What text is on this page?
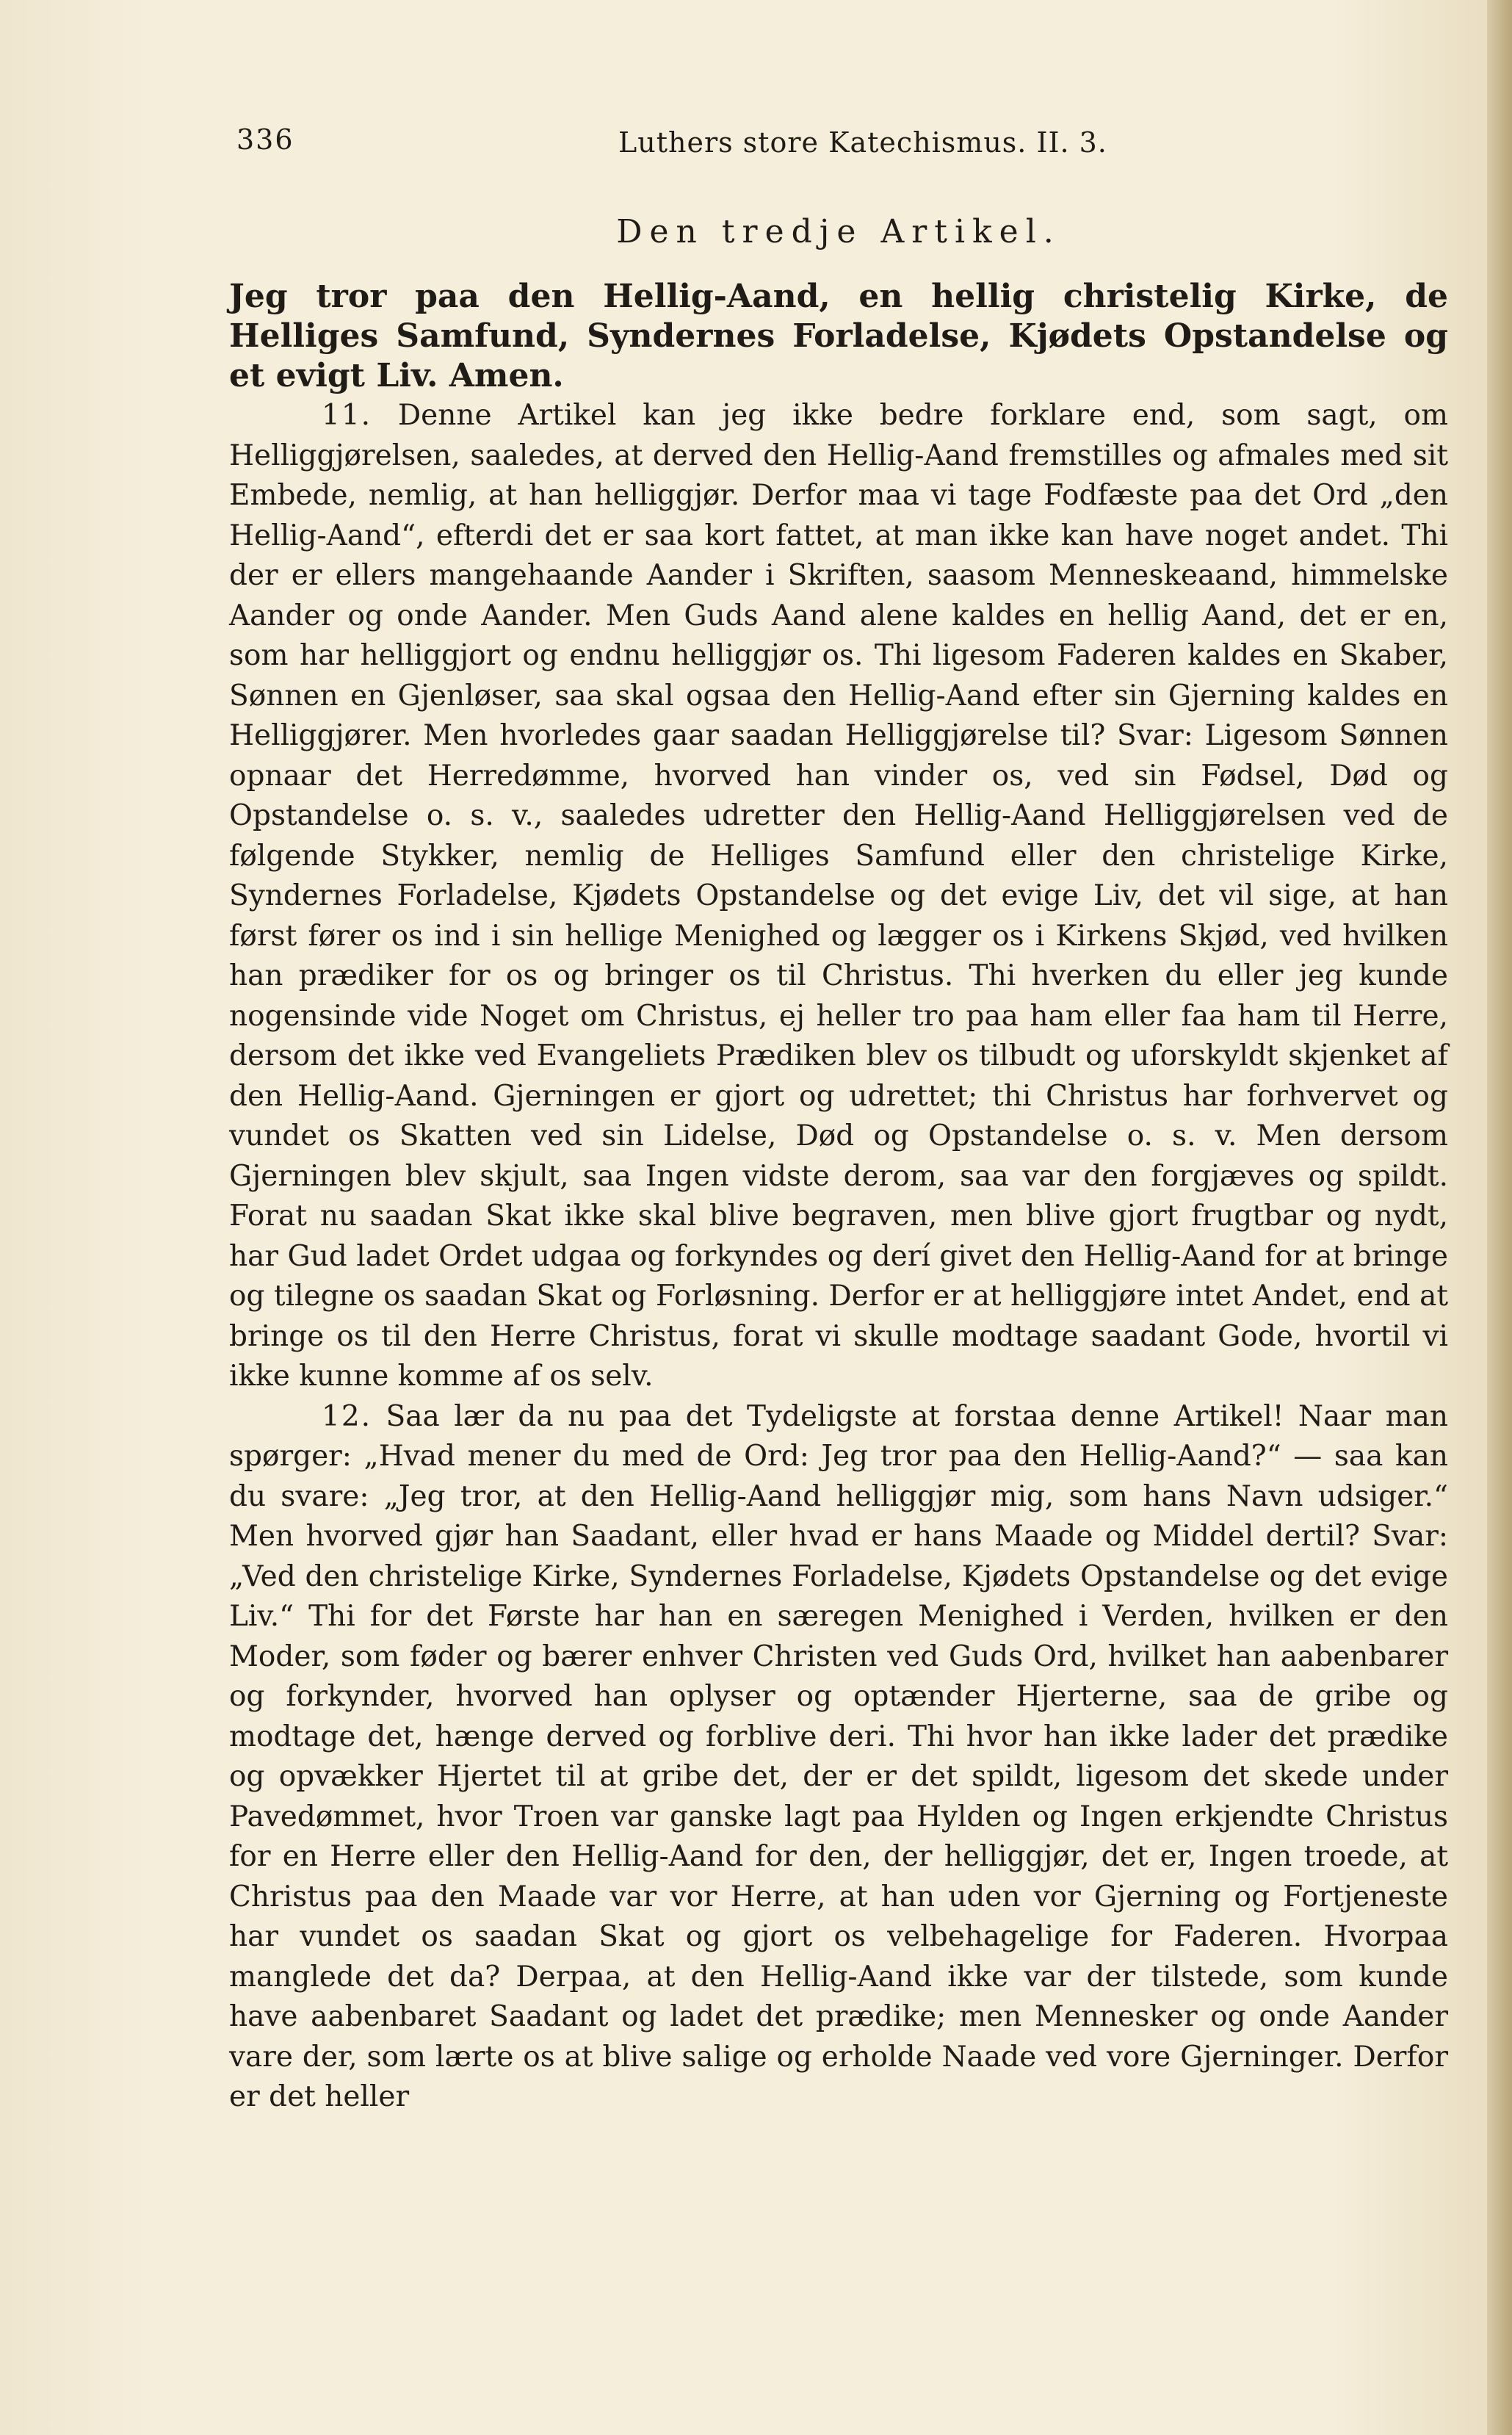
336	Luthers store Katechismus. II. 3.
Den tredje Artikel.

Jeg tror paa den Hellig-Aand, en hellig christelig Kirke, de Helliges Samfund, Syndernes Forladelse, Kjødets Opstandelse og et evigt Liv. Amen.

11. Denne Artikel kan jeg ikke bedre forklare end, som sagt, om Helliggjørelsen, saaledes, at derved den Hellig-Aand fremstilles og afmales med sit Embede, nemlig, at han helliggjør. Derfor maa vi tage Fodfæste paa det Ord „den Hellig-Aand“, efterdi det er saa kort fattet, at man ikke kan have noget andet. Thi der er ellers mangehaande Aander i Skriften, saasom Menneskeaand, himmelske Aander og onde Aander. Men Guds Aand alene kaldes en hellig Aand, det er en, som har helliggjort og endnu helliggjør os. Thi ligesom Faderen kaldes en Skaber, Sønnen en Gjenløser, saa skal ogsaa den Hellig-Aand efter sin Gjerning kaldes en Helliggjører. Men hvorledes gaar saadan Helliggjørelse til? Svar: Ligesom Sønnen opnaar det Herredømme, hvorved han vinder os, ved sin Fødsel, Død og Opstandelse o. s. v., saaledes udretter den Hellig-Aand Helliggjørelsen ved de følgende Stykker, nemlig de Helliges Samfund eller den christelige Kirke, Syndernes Forladelse, Kjødets Opstandelse og det evige Liv, det vil sige, at han først fører os ind i sin hellige Menighed og lægger os i Kirkens Skjød, ved hvilken han prædiker for os og bringer os til Christus. Thi hverken du eller jeg kunde nogensinde vide Noget om Christus, ej heller tro paa ham eller faa ham til Herre, dersom det ikke ved Evangeliets Prædiken blev os tilbudt og uforskyldt skjenket af den Hellig-Aand. Gjerningen er gjort og udrettet; thi Christus har forhvervet og vundet os Skatten ved sin Lidelse, Død og Opstandelse o. s. v. Men dersom Gjerningen blev skjult, saa Ingen vidste derom, saa var den forgjæves og spildt. Forat nu saadan Skat ikke skal blive begraven, men blive gjort frugtbar og nydt, har Gud ladet Ordet udgaa og forkyndes og derí givet den Hellig-Aand for at bringe og tilegne os saadan Skat og Forløsning. Derfor er at helliggjøre intet Andet, end at bringe os til den Herre Christus, forat vi skulle modtage saadant Gode, hvortil vi ikke kunne komme af os selv.

12. Saa lær da nu paa det Tydeligste at forstaa denne Artikel! Naar man spørger: „Hvad mener du med de Ord: Jeg tror paa den Hellig-Aand?“ — saa kan du svare: „Jeg tror, at den Hellig-Aand helliggjør mig, som hans Navn udsiger.“ Men hvorved gjør han Saadant, eller hvad er hans Maade og Middel dertil? Svar: „Ved den christelige Kirke, Syndernes Forladelse, Kjødets Opstandelse og det evige Liv.“ Thi for det Første har han en særegen Menighed i Verden, hvilken er den Moder, som føder og bærer enhver Christen ved Guds Ord, hvilket han aabenbarer og forkynder, hvorved han oplyser og optænder Hjerterne, saa de gribe og modtage det, hænge derved og forblive deri. Thi hvor han ikke lader det prædike og opvækker Hjertet til at gribe det, der er det spildt, ligesom det skede under Pavedømmet, hvor Troen var ganske lagt paa Hylden og Ingen erkjendte Christus for en Herre eller den Hellig-Aand for den, der helliggjør, det er, Ingen troede, at Christus paa den Maade var vor Herre, at han uden vor Gjerning og Fortjeneste har vundet os saadan Skat og gjort os velbehagelige for Faderen. Hvorpaa manglede det da? Derpaa, at den Hellig-Aand ikke var der tilstede, som kunde have aabenbaret Saadant og ladet det prædike; men Mennesker og onde Aander vare der, som lærte os at blive salige og erholde Naade ved vore Gjerninger. Derfor er det heller
